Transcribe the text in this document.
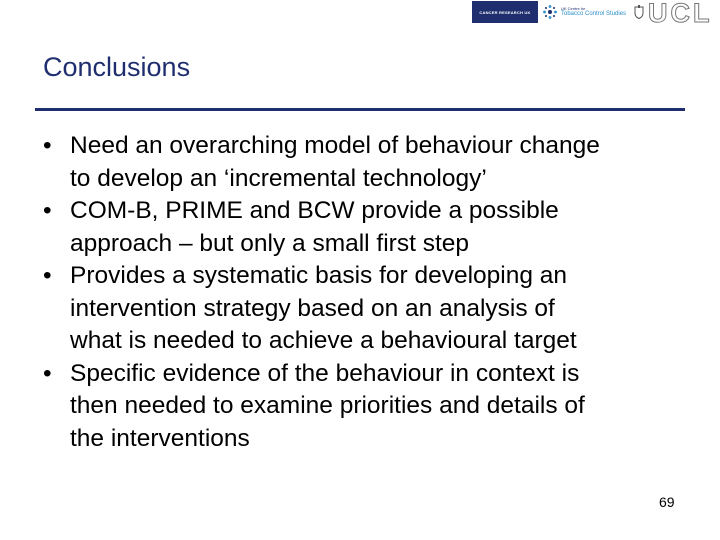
CANCER RESEARCH UK
UK Centre for
Tobacco Control Studies UCL
Conclusions
• Need an overarching model of behaviour change
to develop an ‘incremental technology’
• COM-B, PRIME and BCW provide a possible
approach – but only a small first step
• Provides a systematic basis for developing an
intervention strategy based on an analysis of
what is needed to achieve a behavioural target
• Specific evidence of the behaviour in context is
then needed to examine priorities and details of
the interventions
69
